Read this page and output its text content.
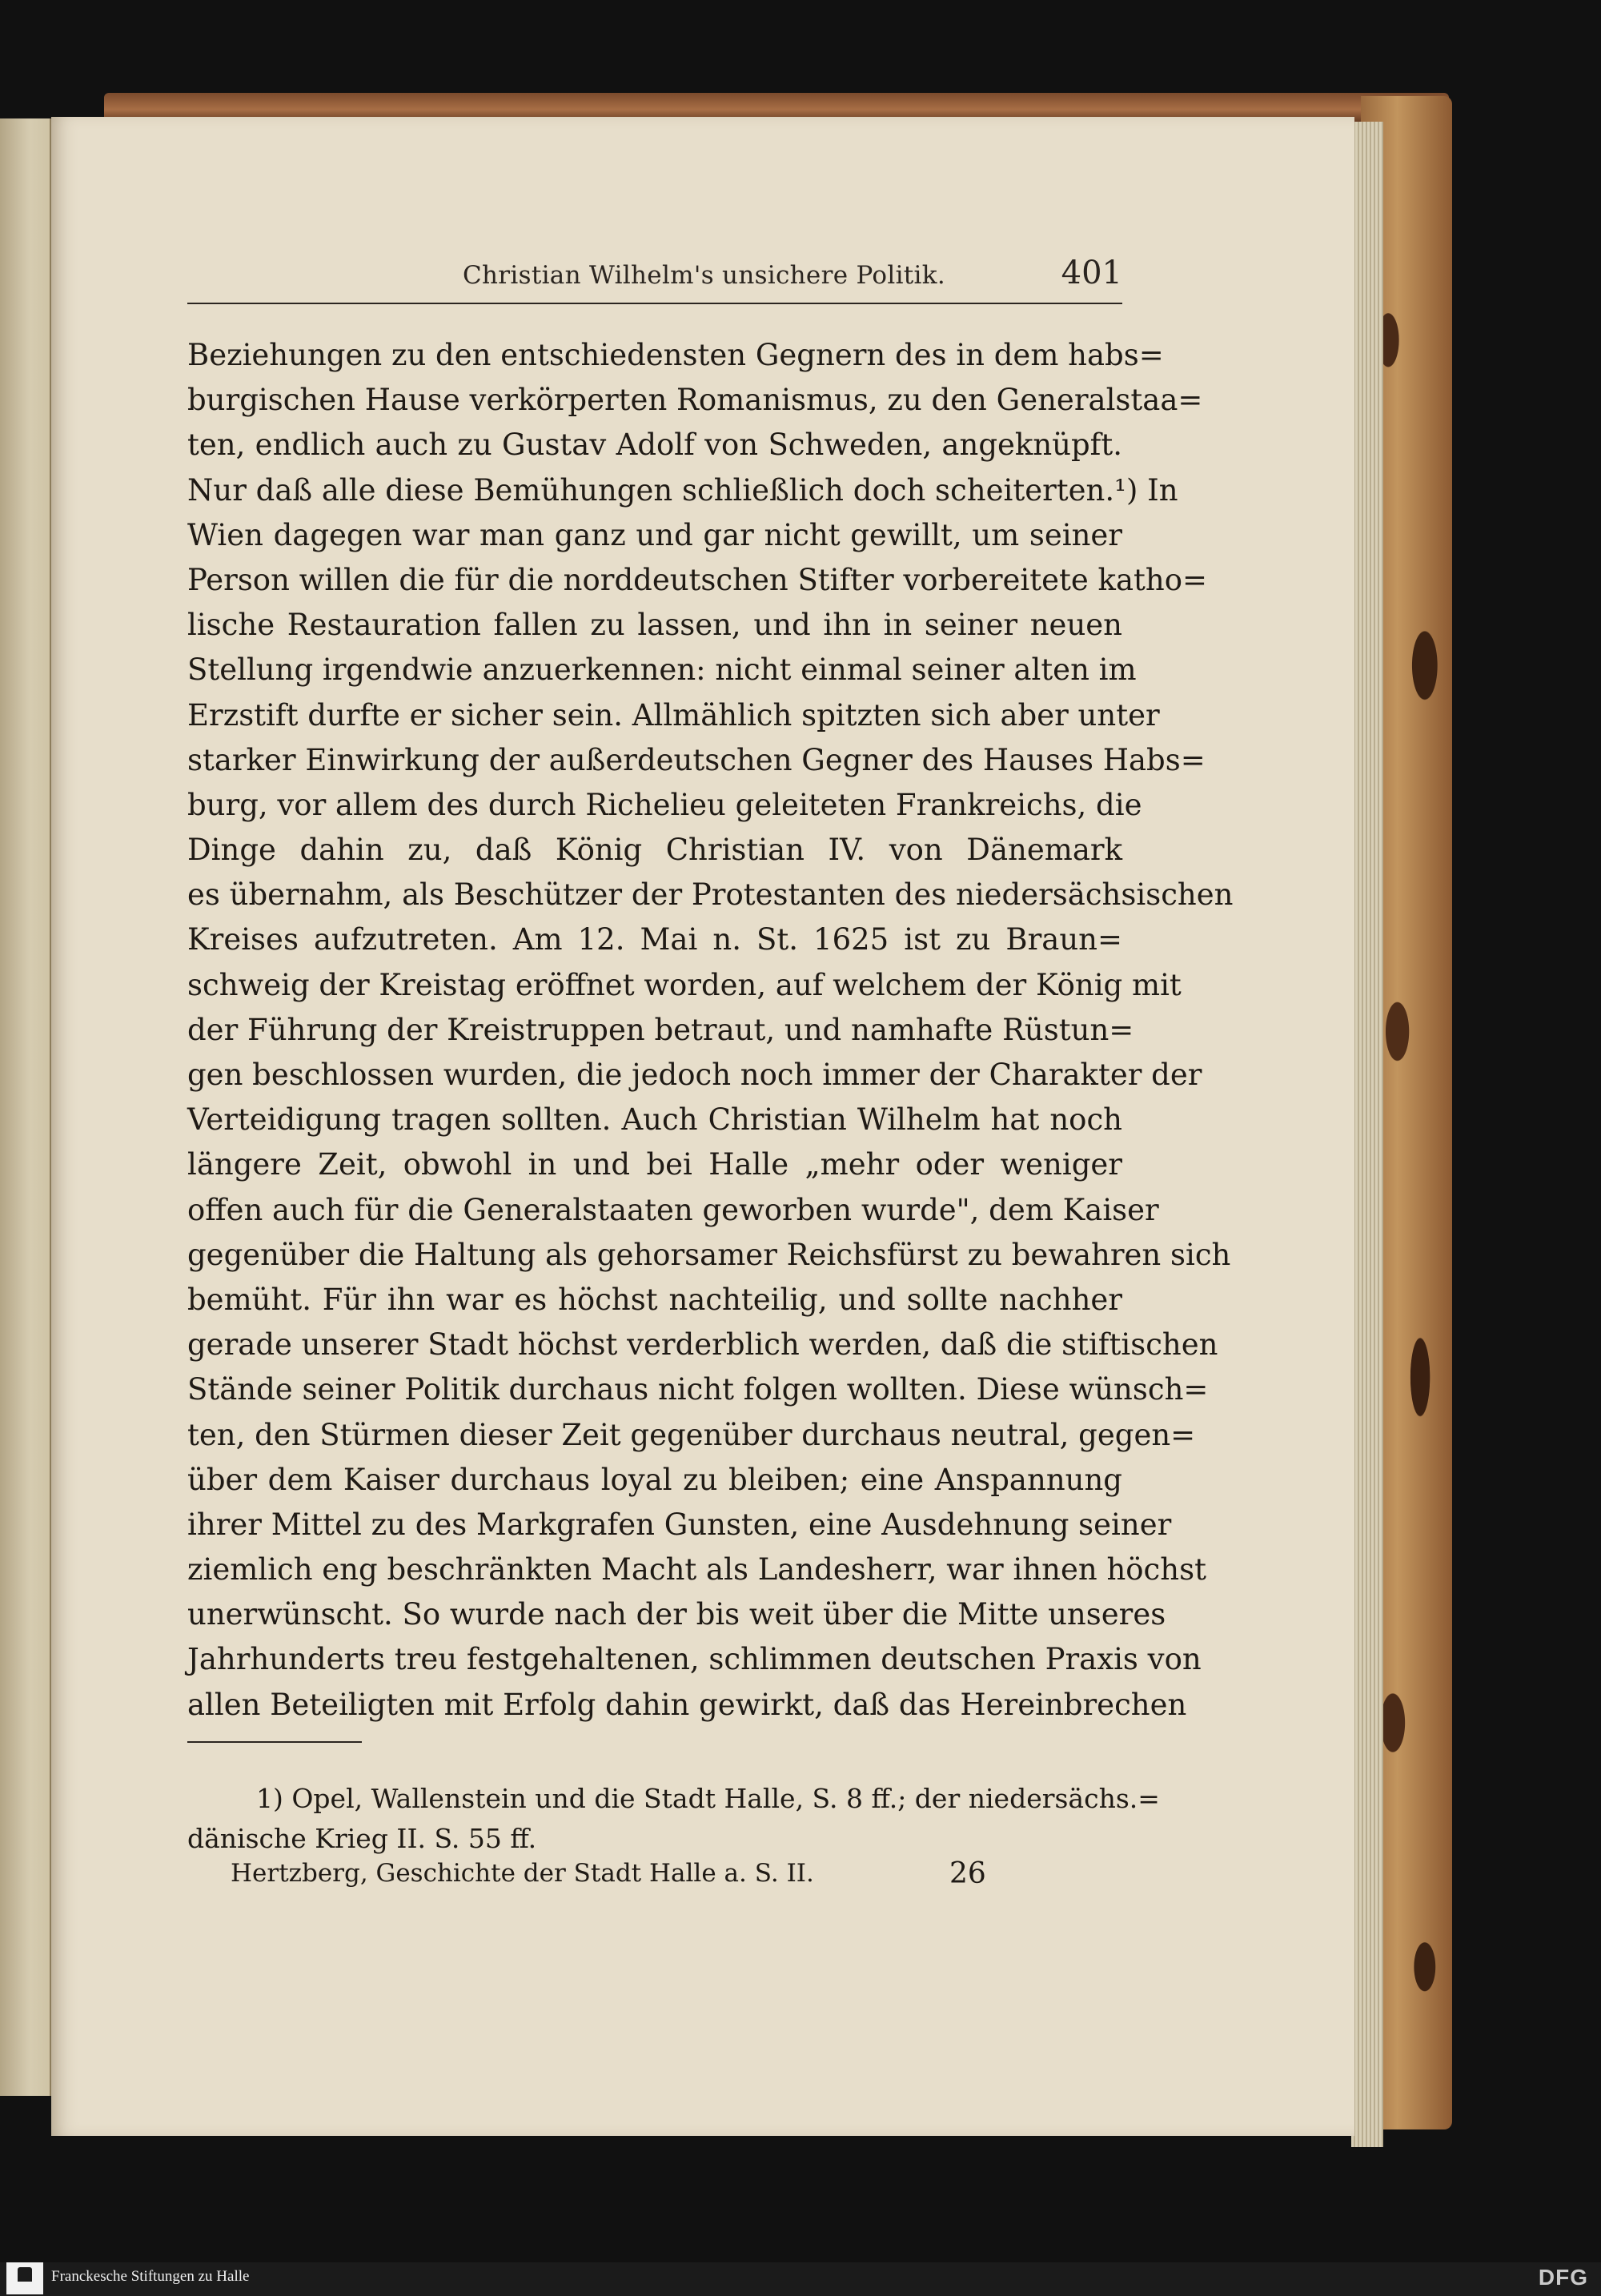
Christian Wilhelm's unsichere Politik.	401
Beziehungen zu den entschiedensten Gegnern des in dem habs=
burgischen Hause verkörperten Romanismus, zu den Generalstaa=
ten, endlich auch zu Gustav Adolf von Schweden, angeknüpft.
Nur daß alle diese Bemühungen schließlich doch scheiterten.¹) In
Wien dagegen war man ganz und gar nicht gewillt, um seiner
Person willen die für die norddeutschen Stifter vorbereitete katho=
lische Restauration fallen zu lassen, und ihn in seiner neuen
Stellung irgendwie anzuerkennen: nicht einmal seiner alten im
Erzstift durfte er sicher sein. Allmählich spitzten sich aber unter
starker Einwirkung der außerdeutschen Gegner des Hauses Habs=
burg, vor allem des durch Richelieu geleiteten Frankreichs, die
Dinge dahin zu, daß König Christian IV. von Dänemark
es übernahm, als Beschützer der Protestanten des niedersächsischen
Kreises aufzutreten. Am 12. Mai n. St. 1625 ist zu Braun=
schweig der Kreistag eröffnet worden, auf welchem der König mit
der Führung der Kreistruppen betraut, und namhafte Rüstun=
gen beschlossen wurden, die jedoch noch immer der Charakter der
Verteidigung tragen sollten. Auch Christian Wilhelm hat noch
längere Zeit, obwohl in und bei Halle „mehr oder weniger
offen auch für die Generalstaaten geworben wurde", dem Kaiser
gegenüber die Haltung als gehorsamer Reichsfürst zu bewahren sich
bemüht. Für ihn war es höchst nachteilig, und sollte nachher
gerade unserer Stadt höchst verderblich werden, daß die stiftischen
Stände seiner Politik durchaus nicht folgen wollten. Diese wünsch=
ten, den Stürmen dieser Zeit gegenüber durchaus neutral, gegen=
über dem Kaiser durchaus loyal zu bleiben; eine Anspannung
ihrer Mittel zu des Markgrafen Gunsten, eine Ausdehnung seiner
ziemlich eng beschränkten Macht als Landesherr, war ihnen höchst
unerwünscht. So wurde nach der bis weit über die Mitte unseres
Jahrhunderts treu festgehaltenen, schlimmen deutschen Praxis von
allen Beteiligten mit Erfolg dahin gewirkt, daß das Hereinbrechen
1) Opel, Wallenstein und die Stadt Halle, S. 8 ff.; der niedersächs.=
dänische Krieg II. S. 55 ff.
Hertzberg, Geschichte der Stadt Halle a. S. II.	26
Franckesche Stiftungen zu Halle	DFG
